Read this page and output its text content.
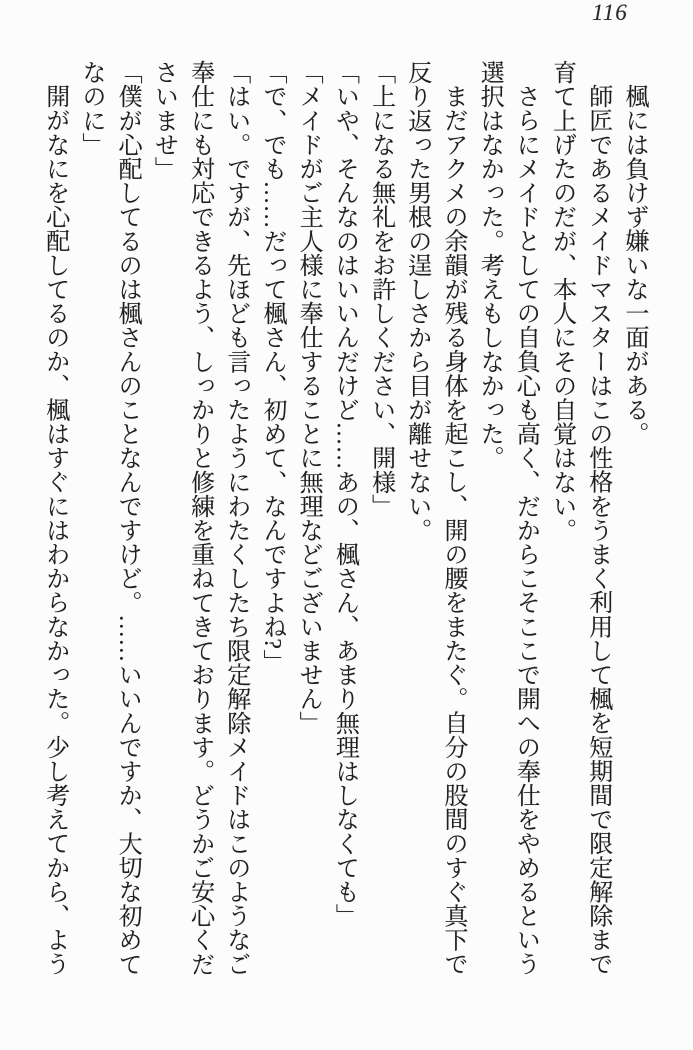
116

楓には負けず嫌いな一面がある。

師匠であるメイドマスターはこの性格をうまく利用して楓を短期間で限定解除まで育て上げたのだが、本人にその自覚はない。

さらにメイドとしての自負心も高く、だからこそここで開への奉仕をやめるという選択はなかった。考えもしなかった。

まだアクメの余韻が残る身体を起こし、開の腰をまたぐ。自分の股間のすぐ真下で反り返った男根の逞しさから目が離せない。

「上になる無礼をお許しください、開様」

「いや、そんなのはいいんだけど……あの、楓さん、あまり無理はしなくても」

「メイドがご主人様に奉仕することに無理などございません」

「で、でも……だって楓さん、初めて、なんですよね?」

「はい。ですが、先ほども言ったようにわたくしたち限定解除メイドはこのようなご奉仕にも対応できるよう、しっかりと修練を重ねてきております。どうかご安心くださいませ」

「僕が心配してるのは楓さんのことなんですけど。……いいんですか、大切な初めてなのに」

開がなにを心配してるのか、楓はすぐにはわからなかった。少し考えてから、よう
